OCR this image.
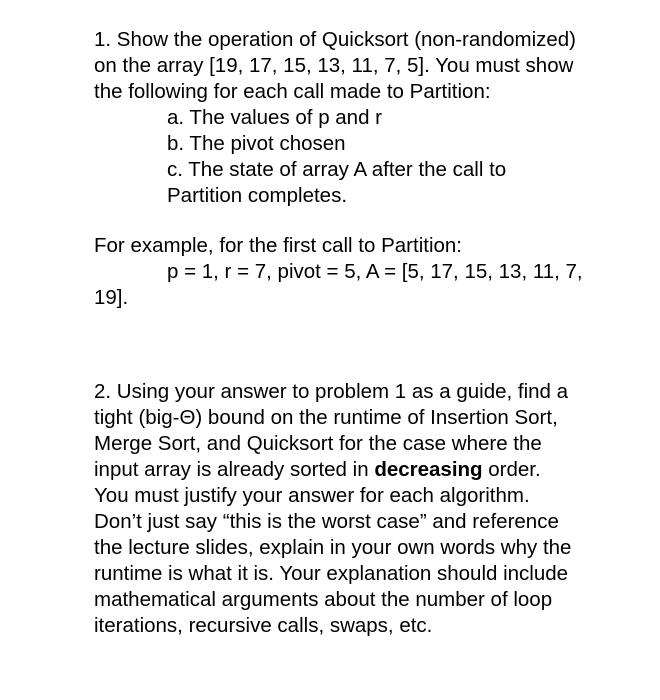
1. Show the operation of Quicksort (non-randomized)

on the array [19, 17, 15, 13, 11, 7, 5]. You must show

the following for each call made to Partition:

a. The values of p and r

b. The pivot chosen

c. The state of array A after the call to

Partition completes.

For example, for the first call to Partition:

p = 1, r = 7, pivot = 5, A = [5, 17, 15, 13, 11, 7,

19].

2. Using your answer to problem 1 as a guide, find a

tight (big-Θ) bound on the runtime of Insertion Sort,

Merge Sort, and Quicksort for the case where the

input array is already sorted in decreasing order.

You must justify your answer for each algorithm.

Don’t just say “this is the worst case” and reference

the lecture slides, explain in your own words why the

runtime is what it is. Your explanation should include

mathematical arguments about the number of loop

iterations, recursive calls, swaps, etc.
